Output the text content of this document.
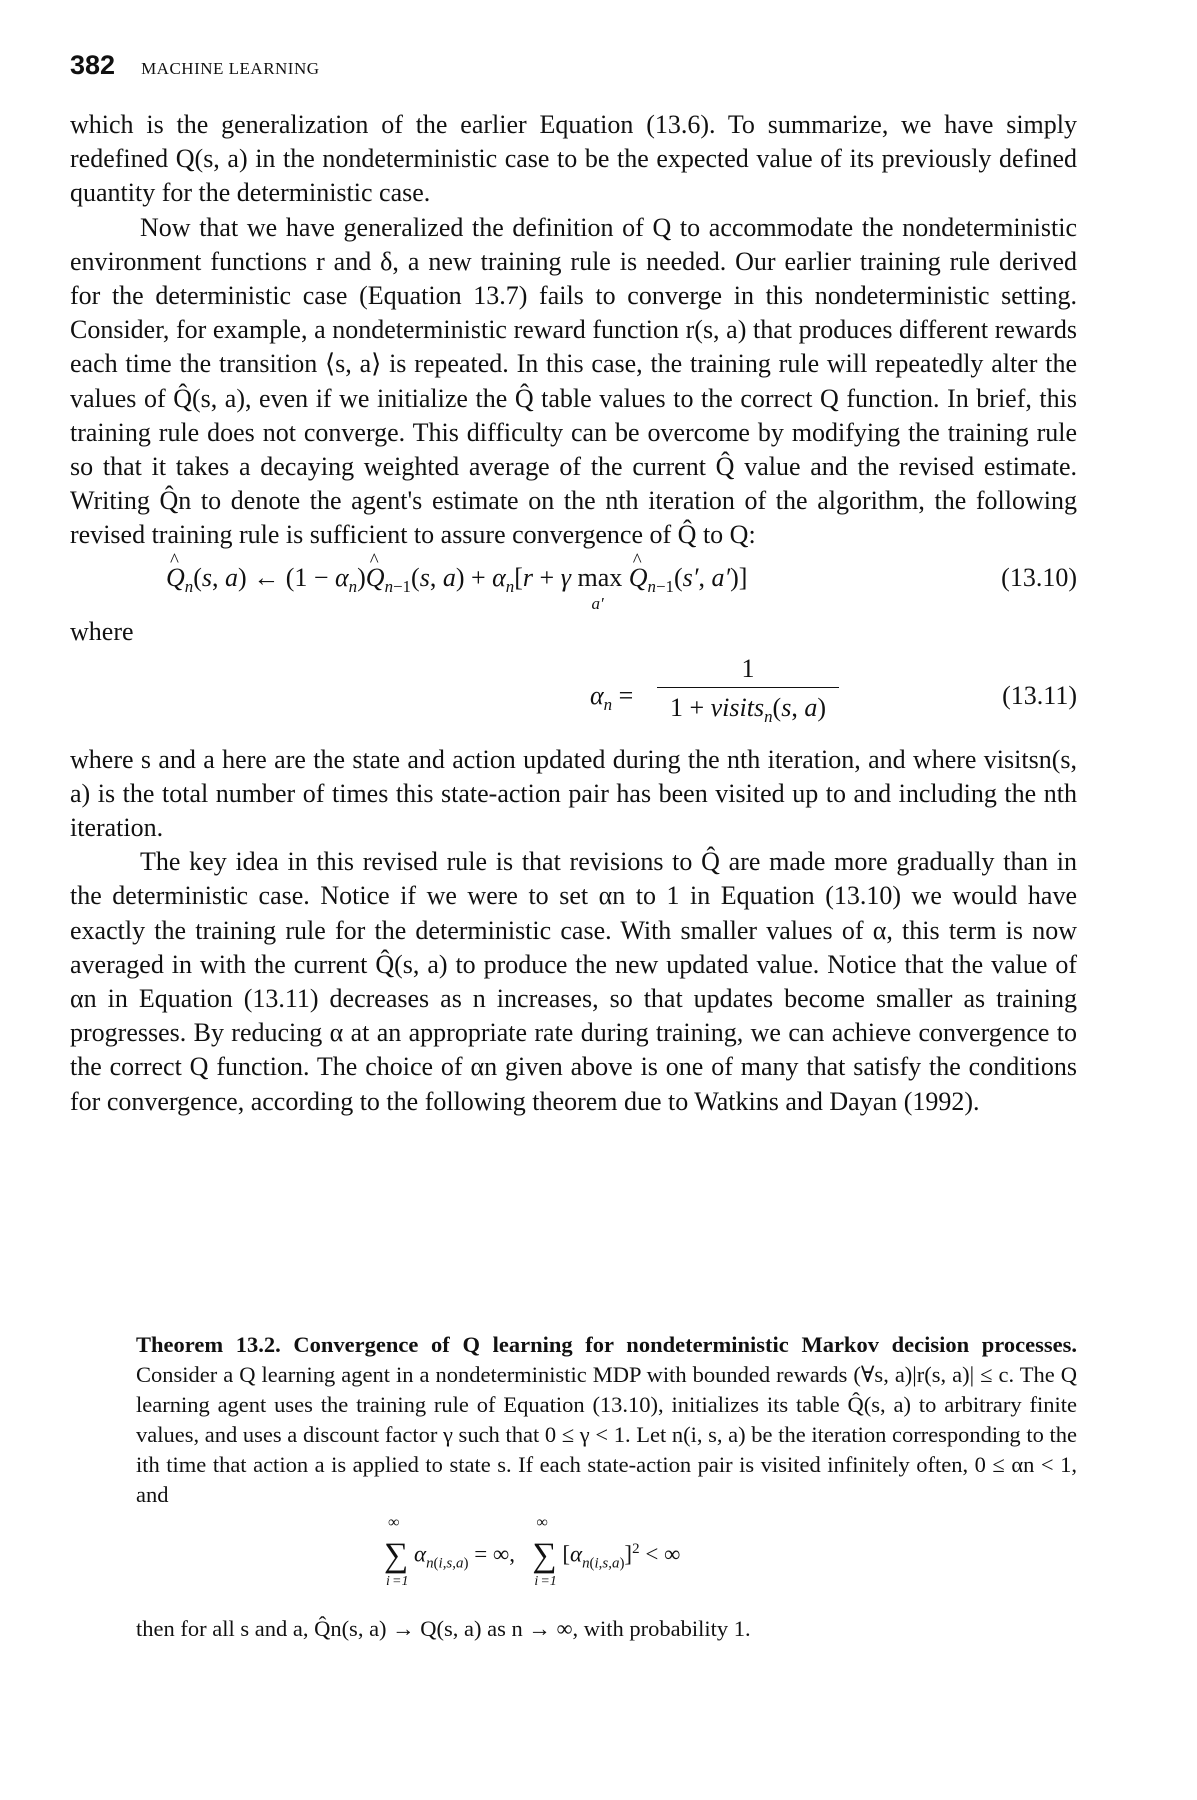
382 MACHINE LEARNING

which is the generalization of the earlier Equation (13.6). To summarize, we have simply redefined Q(s, a) in the nondeterministic case to be the expected value of its previously defined quantity for the deterministic case.

Now that we have generalized the definition of Q to accommodate the nondeterministic environment functions r and δ, a new training rule is needed. Our earlier training rule derived for the deterministic case (Equation 13.7) fails to converge in this nondeterministic setting. Consider, for example, a nondeterministic reward function r(s, a) that produces different rewards each time the transition ⟨s, a⟩ is repeated. In this case, the training rule will repeatedly alter the values of Q̂(s, a), even if we initialize the Q̂ table values to the correct Q function. In brief, this training rule does not converge. This difficulty can be overcome by modifying the training rule so that it takes a decaying weighted average of the current Q̂ value and the revised estimate. Writing Q̂n to denote the agent's estimate on the nth iteration of the algorithm, the following revised training rule is sufficient to assure convergence of Q̂ to Q:

^ $Q_n(s$, a) ← $(1 - \alpha_n)\^{}$ $Q_{n-1}(s$, $a) + \alpha_n[r + \gamma$ max
a′
^ $Q_{n-1}(s'$, a′)]	(13.10)

where

$\alpha_n$ =
1
1 + visits$_n$(s, a)	(13.11)

where s and a here are the state and action updated during the nth iteration, and where visitsn(s, a) is the total number of times this state-action pair has been visited up to and including the nth iteration.

The key idea in this revised rule is that revisions to Q̂ are made more gradually than in the deterministic case. Notice if we were to set αn to 1 in Equation (13.10) we would have exactly the training rule for the deterministic case. With smaller values of α, this term is now averaged in with the current Q̂(s, a) to produce the new updated value. Notice that the value of αn in Equation (13.11) decreases as n increases, so that updates become smaller as training progresses. By reducing α at an appropriate rate during training, we can achieve convergence to the correct Q function. The choice of αn given above is one of many that satisfy the conditions for convergence, according to the following theorem due to Watkins and Dayan (1992).

Theorem 13.2. Convergence of Q learning for nondeterministic Markov decision processes. Consider a Q learning agent in a nondeterministic MDP with bounded rewards (∀s, a)|r(s, a)| ≤ c. The Q learning agent uses the training rule of Equation (13.10), initializes its table Q̂(s, a) to arbitrary finite values, and uses a discount factor γ such that 0 ≤ γ < 1. Let n(i, s, a) be the iteration corresponding to the ith time that action a is applied to state s. If each state-action pair is visited infinitely often, 0 ≤ αn < 1, and

∑
∞
i =1
$\alpha_{n(i,s,a)}$ = ∞,   ∑
∞
i =1
$[\alpha_{n(i,s,a)}]^2$ < ∞

then for all s and a, Q̂n(s, a) → Q(s, a) as n → ∞, with probability 1.
